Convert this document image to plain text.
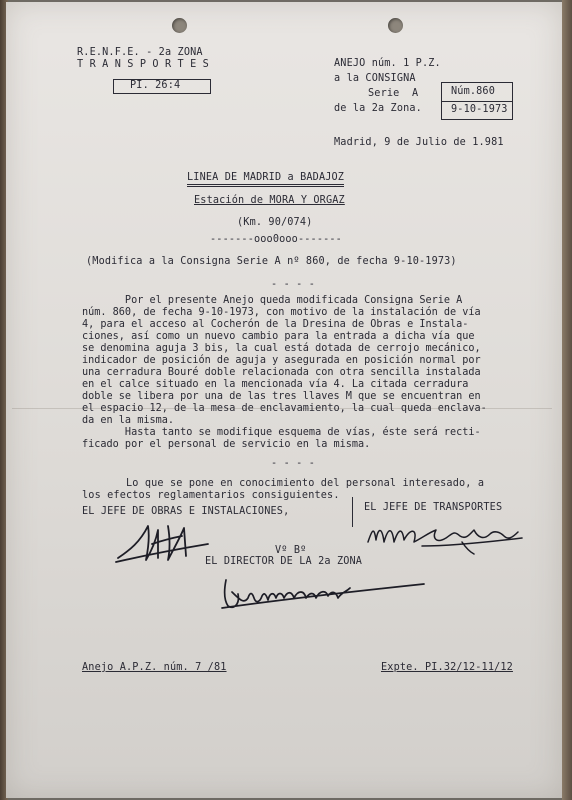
R.E.N.F.E. - 2a ZONA
T R A N S P O R T E S
PI. 26:4
ANEJO núm. 1 P.Z.
a la CONSIGNA
Serie  A
de la 2a Zona.
Núm.860
9-10-1973
Madrid, 9 de Julio de 1.981
LINEA DE MADRID a BADAJOZ
Estación de MORA Y ORGAZ
(Km. 90/074)
-------ooo0ooo-------
(Modifica a la Consigna Serie A nº 860, de fecha 9-10-1973)
- - - -
Por el presente Anejo queda modificada Consigna Serie A
núm. 860, de fecha 9-10-1973, con motivo de la instalación de vía
4, para el acceso al Cocherón de la Dresina de Obras e Instala-
ciones, así como un nuevo cambio para la entrada a dicha vía que
se denomina aguja 3 bis, la cual está dotada de cerrojo mecánico,
indicador de posición de aguja y asegurada en posición normal por
una cerradura Bouré doble relacionada con otra sencilla instalada
en el calce situado en la mencionada vía 4. La citada cerradura
doble se libera por una de las tres llaves M que se encuentran en
el espacio 12, de la mesa de enclavamiento, la cual queda enclava-
da en la misma.
Hasta tanto se modifique esquema de vías, éste será recti-
ficado por el personal de servicio en la misma.
- - - -
Lo que se pone en conocimiento del personal interesado, a
los efectos reglamentarios consiguientes.
EL JEFE DE OBRAS E INSTALACIONES,	EL JEFE DE TRANSPORTES
Vº Bº
EL DIRECTOR DE LA 2a ZONA
Anejo A.P.Z. núm. 7 /81	Expte. PI.32/12-11/12
